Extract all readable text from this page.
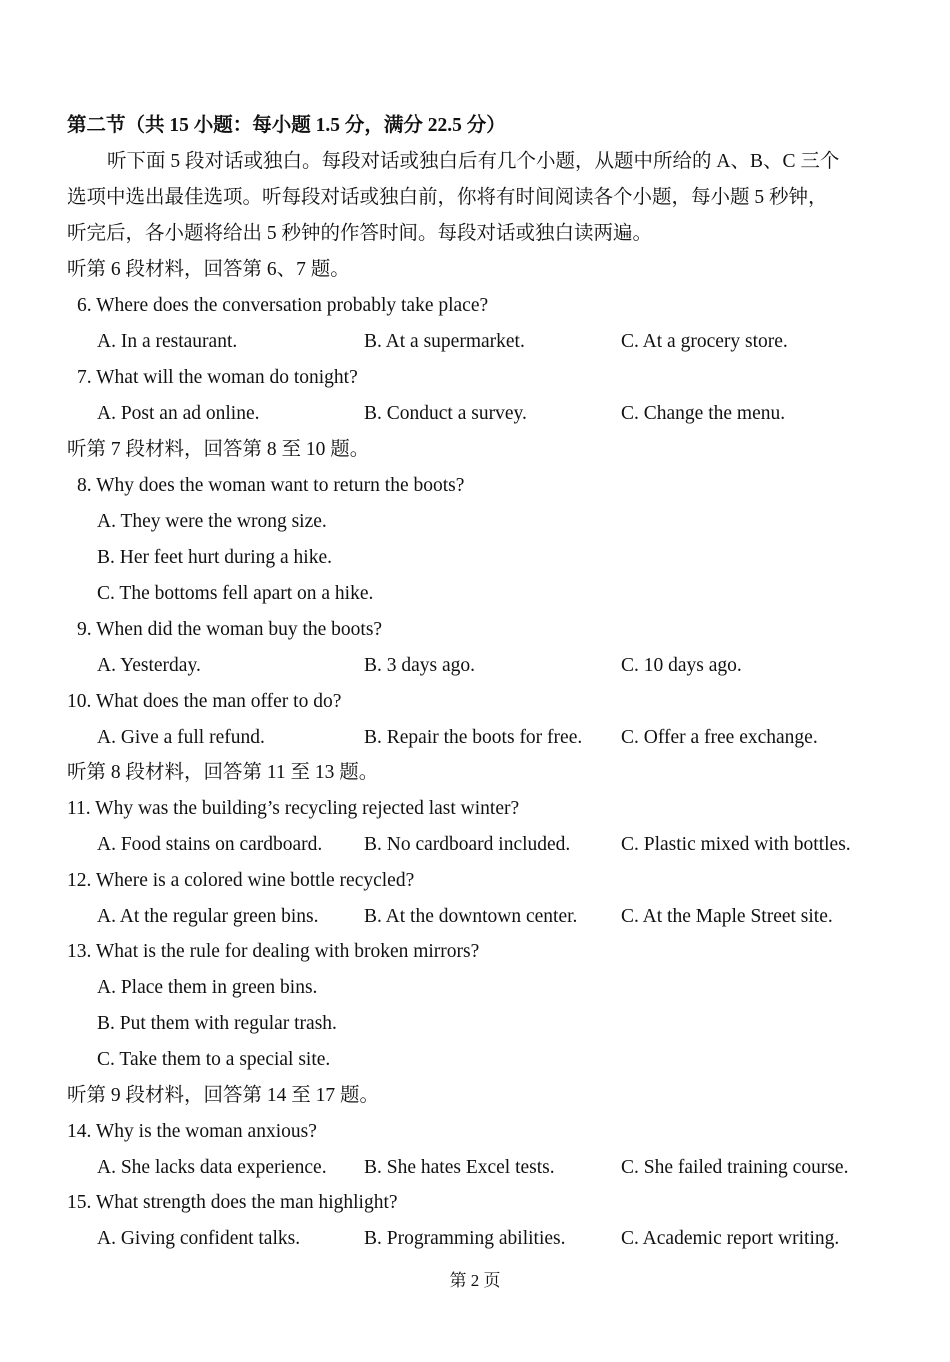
第二节（共 15 小题：每小题 1.5 分，满分 22.5 分）
听下面 5 段对话或独白。每段对话或独白后有几个小题，从题中所给的 A、B、C 三个
选项中选出最佳选项。听每段对话或独白前，你将有时间阅读各个小题，每小题 5 秒钟，
听完后，各小题将给出 5 秒钟的作答时间。每段对话或独白读两遍。
听第 6 段材料，回答第 6、7 题。
6. Where does the conversation probably take place?
A. In a restaurant.	B. At a supermarket.	C. At a grocery store.
7. What will the woman do tonight?
A. Post an ad online.	B. Conduct a survey.	C. Change the menu.
听第 7 段材料，回答第 8 至 10 题。
8. Why does the woman want to return the boots?
A. They were the wrong size.
B. Her feet hurt during a hike.
C. The bottoms fell apart on a hike.
9. When did the woman buy the boots?
A. Yesterday.	B. 3 days ago.	C. 10 days ago.
10. What does the man offer to do?
A. Give a full refund.	B. Repair the boots for free. C. Offer a free exchange.
听第 8 段材料，回答第 11 至 13 题。
11. Why was the building’s recycling rejected last winter?
A. Food stains on cardboard. B. No cardboard included.	C. Plastic mixed with bottles.
12. Where is a colored wine bottle recycled?
A. At the regular green bins. B. At the downtown center. C. At the Maple Street site.
13. What is the rule for dealing with broken mirrors?
A. Place them in green bins.
B. Put them with regular trash.
C. Take them to a special site.
听第 9 段材料，回答第 14 至 17 题。
14. Why is the woman anxious?
A. She lacks data experience. B. She hates Excel tests.	C. She failed training course.
15. What strength does the man highlight?
A. Giving confident talks.	B. Programming abilities.	C. Academic report writing.
第 2 页
